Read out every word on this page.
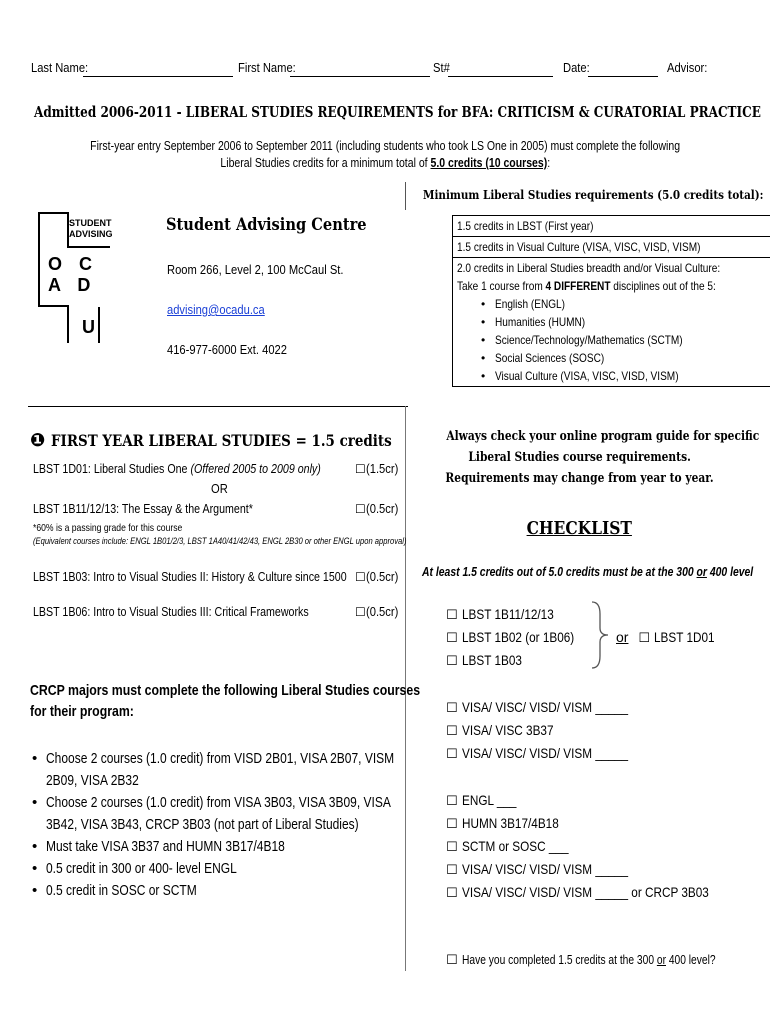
Last Name:	First Name:	St#	Date:	Advisor:
Admitted 2006-2011 - LIBERAL STUDIES REQUIREMENTS for BFA: CRITICISM & CURATORIAL PRACTICE
First-year entry September 2006 to September 2011 (including students who took LS One in 2005) must complete the following
Liberal Studies credits for a minimum total of 5.0 credits (10 courses):
Minimum Liberal Studies requirements (5.0 credits total):
STUDENT
ADVISING
O C
A D
U
Student Advising Centre
Room 266, Level 2, 100 McCaul St.
advising@ocadu.ca
416-977-6000 Ext. 4022
1.5 credits in LBST (First year)
1.5 credits in Visual Culture (VISA, VISC, VISD, VISM)

2.0 credits in Liberal Studies breadth and/or Visual Culture:
Take 1 course from 4 DIFFERENT disciplines out of the 5:
• English (ENGL)
• Humanities (HUMN)
• Science/Technology/Mathematics (SCTM)
• Social Sciences (SOSC)
• Visual Culture (VISA, VISC, VISD, VISM)
❶ FIRST YEAR LIBERAL STUDIES = 1.5 credits
LBST 1D01: Liberal Studies One (Offered 2005 to 2009 only)	☐(1.5cr)
OR
LBST 1B11/12/13: The Essay & the Argument*	☐(0.5cr)
*60% is a passing grade for this course
(Equivalent courses include: ENGL 1B01/2/3, LBST 1A40/41/42/43, ENGL 2B30 or other ENGL upon approval)
LBST 1B03: Intro to Visual Studies II: History & Culture since 1500 ☐(0.5cr)
LBST 1B06: Intro to Visual Studies III: Critical Frameworks	☐(0.5cr)
CRCP majors must complete the following Liberal Studies courses
for their program:
• Choose 2 courses (1.0 credit) from VISD 2B01, VISA 2B07, VISM
2B09, VISA 2B32
• Choose 2 courses (1.0 credit) from VISA 3B03, VISA 3B09, VISA
3B42, VISA 3B43, CRCP 3B03 (not part of Liberal Studies)
• Must take VISA 3B37 and HUMN 3B17/4B18
• 0.5 credit in 300 or 400- level ENGL
• 0.5 credit in SOSC or SCTM
Always check your online program guide for specific
Liberal Studies course requirements.
Requirements may change from year to year.
CHECKLIST
At least 1.5 credits out of 5.0 credits must be at the 300 or 400 level
☐ LBST 1B11/12/13
☐ LBST 1B02 (or 1B06)
☐ LBST 1B03
or ☐ LBST 1D01
☐ VISA/ VISC/ VISD/ VISM _____
☐ VISA/ VISC 3B37
☐ VISA/ VISC/ VISD/ VISM _____
☐ ENGL ___
☐ HUMN 3B17/4B18
☐ SCTM or SOSC ___
☐ VISA/ VISC/ VISD/ VISM _____
☐ VISA/ VISC/ VISD/ VISM _____ or CRCP 3B03
☐ Have you completed 1.5 credits at the 300 or 400 level?
